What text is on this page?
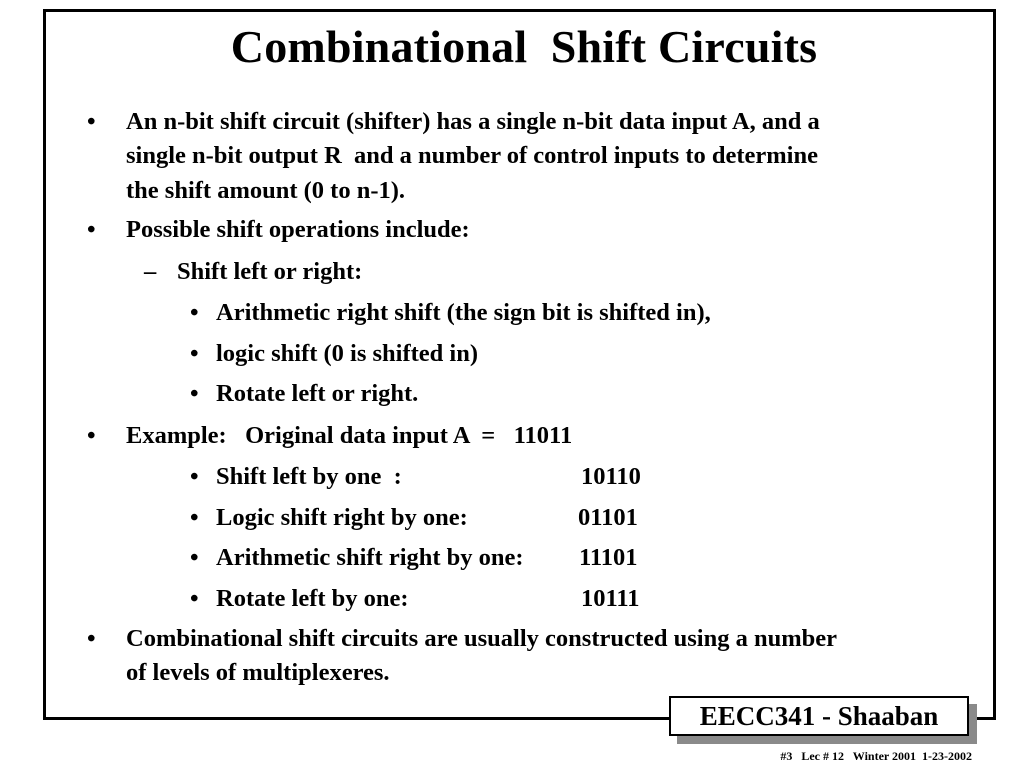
Combinational  Shift Circuits
• An n-bit shift circuit (shifter) has a single n-bit data input A, and a
single n-bit output R  and a number of control inputs to determine
the shift amount (0 to n-1).
• Possible shift operations include:
– Shift left or right:
• Arithmetic right shift (the sign bit is shifted in),
• logic shift (0 is shifted in)
• Rotate left or right.
• Example:   Original data input A  =   11011
• Shift left by one  :	10110
• Logic shift right by one:	01101
• Arithmetic shift right by one: 11101
• Rotate left by one:	10111
• Combinational shift circuits are usually constructed using a number
of levels of multiplexeres.
EECC341 - Shaaban
#3   Lec # 12   Winter 2001  1-23-2002
